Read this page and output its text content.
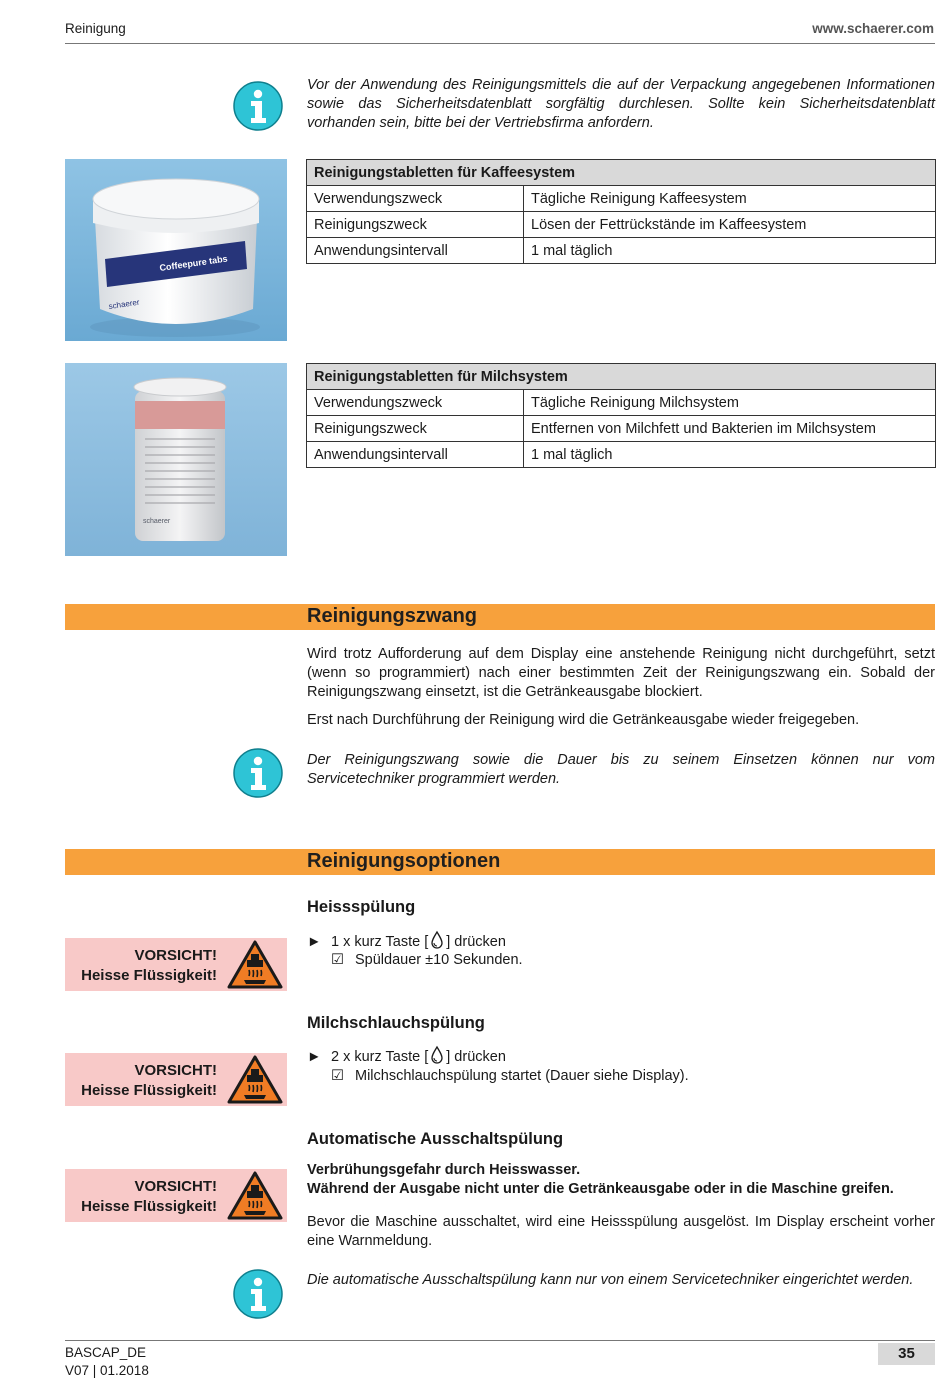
Reinigung	www.schaerer.com
Vor der Anwendung des Reinigungsmittels die auf der Verpackung angegebenen Informationen sowie das Sicherheitsdatenblatt sorgfältig durchlesen. Sollte kein Sicherheitsdatenblatt vorhanden sein, bitte bei der Vertriebsfirma anfordern.
Coffeepure tabs
schaerer
Reinigungstabletten für Kaffeesystem	
Verwendungszweck	Tägliche Reinigung Kaffeesystem
Reinigungszweck	Lösen der Fettrückstände im Kaffeesystem
Anwendungsintervall	1 mal täglich
schaerer
Reinigungstabletten für Milchsystem	
Verwendungszweck	Tägliche Reinigung Milchsystem
Reinigungszweck	Entfernen von Milchfett und Bakterien im Milchsystem
Anwendungsintervall	1 mal täglich
Reinigungszwang
Wird trotz Aufforderung auf dem Display eine anstehende Reinigung nicht durchgeführt, setzt (wenn so programmiert) nach einer bestimmten Zeit der Reinigungszwang ein. Sobald der Reinigungszwang einsetzt, ist die Getränkeausgabe blockiert.
Erst nach Durchführung der Reinigung wird die Getränkeausgabe wieder freigegeben.
Der Reinigungszwang sowie die Dauer bis zu seinem Einsetzen können nur vom Servicetechniker programmiert werden.
Reinigungsoptionen
Heissspülung
VORSICHT!
Heisse Flüssigkeit!
► 1 x kurz Taste [ ] drücken
☑ Spüldauer ±10 Sekunden.
Milchschlauchspülung
VORSICHT!
Heisse Flüssigkeit!
► 2 x kurz Taste [ ] drücken
☑ Milchschlauchspülung startet (Dauer siehe Display).
Automatische Ausschaltspülung
VORSICHT!
Heisse Flüssigkeit!
Verbrühungsgefahr durch Heisswasser.
Während der Ausgabe nicht unter die Getränkeausgabe oder in die Maschine greifen.
Bevor die Maschine ausschaltet, wird eine Heissspülung ausgelöst. Im Display erscheint vorher eine Warnmeldung.
Die automatische Ausschaltspülung kann nur von einem Servicetechniker eingerichtet werden.
BASCAP_DE
V07 | 01.2018
35
